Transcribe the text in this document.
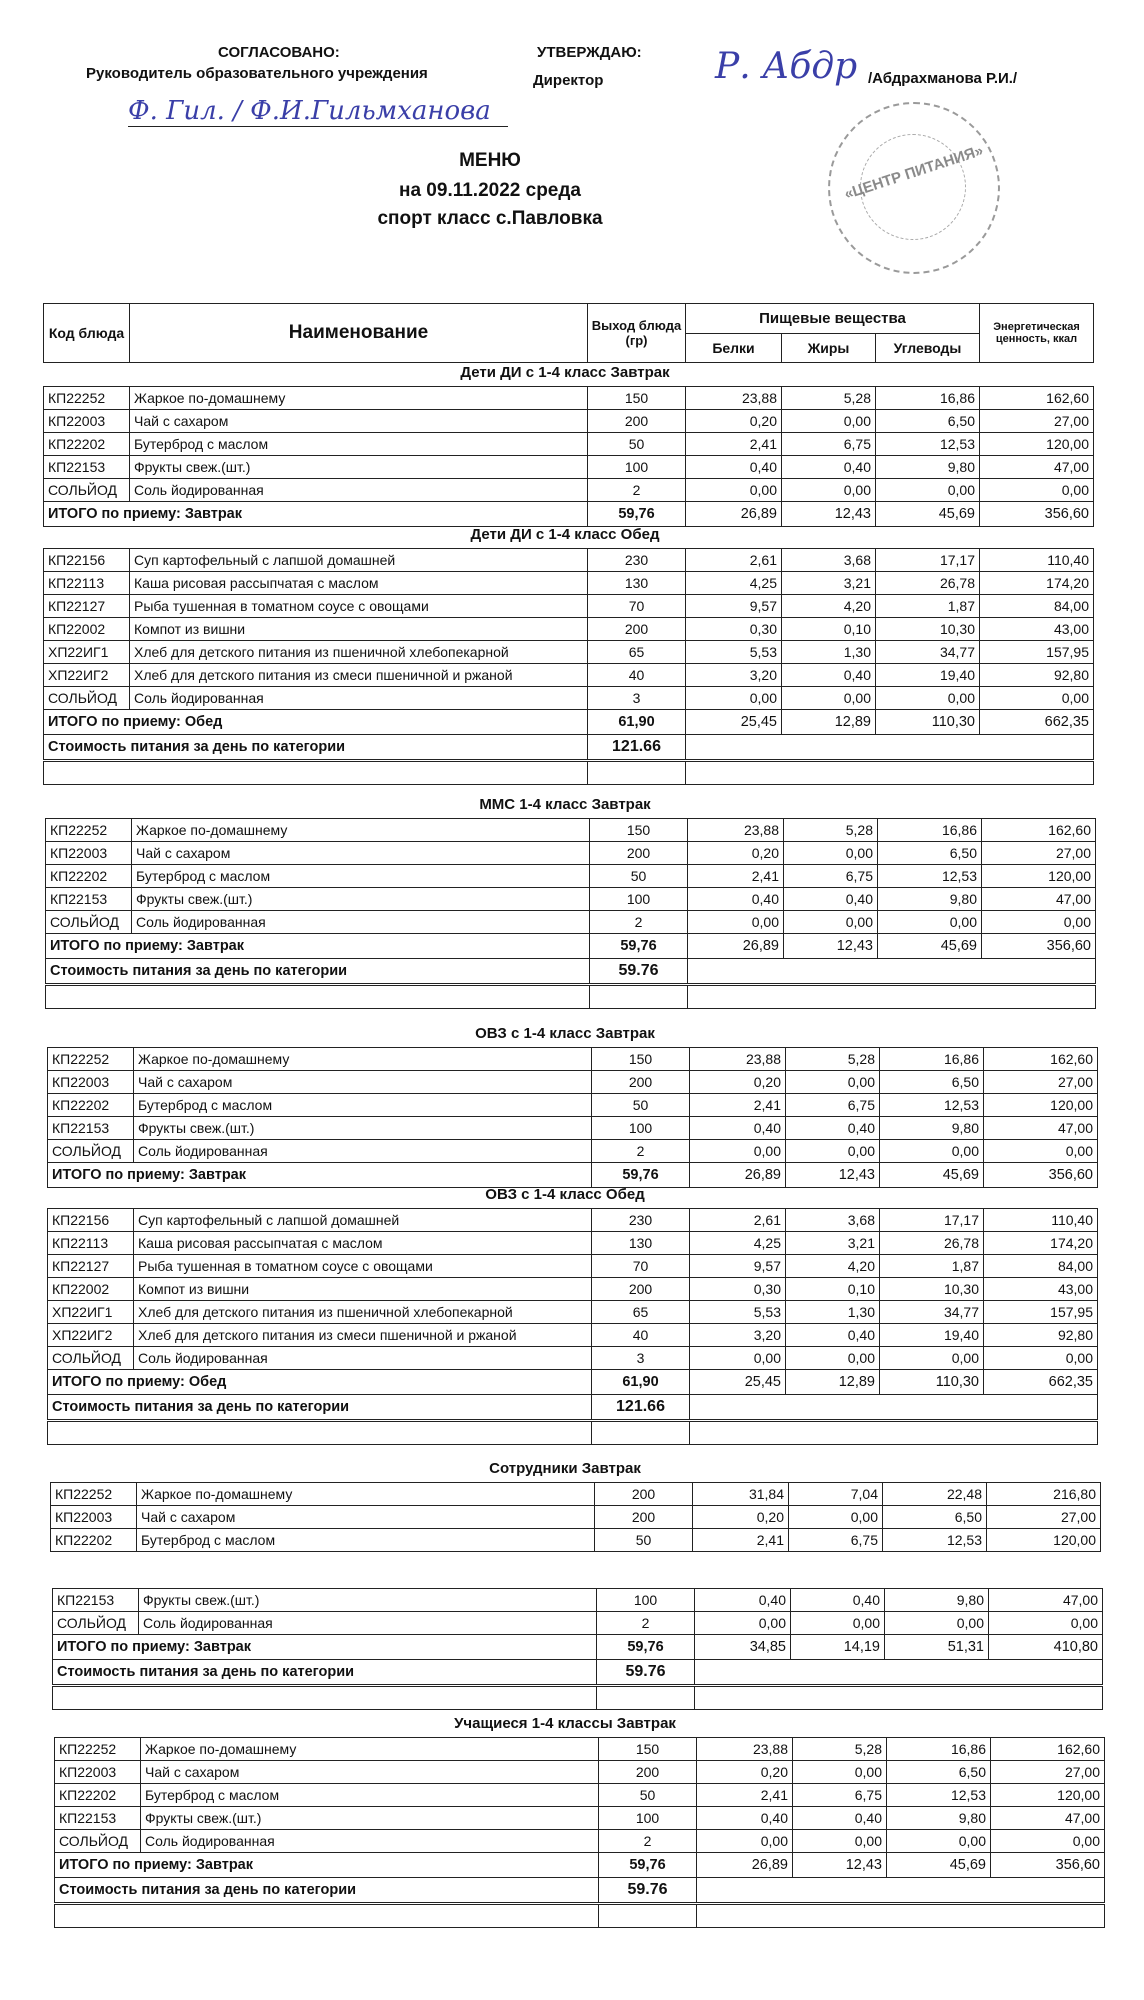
СОГЛАСОВАНО:
Руководитель образовательного учреждения
Ф. Гил. / Ф.И.Гильмханова
УТВЕРЖДАЮ:
Директор	Р. Абдр /Абдрахманова Р.И./
«ЦЕНТР ПИТАНИЯ»
МЕНЮ
на 09.11.2022 среда
спорт класс с.Павловка
Код блюда	Наименование	Выход блюда (гр)	Пищевые вещества			Энергетическая ценность, ккал
			Белки	Жиры	Углеводы	
Дети ДИ с 1-4 класс Завтрак
КП22252	Жаркое по-домашнему	150	23,88	5,28	16,86	162,60
КП22003	Чай с сахаром	200	0,20	0,00	6,50	27,00
КП22202	Бутерброд с маслом	50	2,41	6,75	12,53	120,00
КП22153	Фрукты свеж.(шт.)	100	0,40	0,40	9,80	47,00
СОЛЬЙОД	Соль йодированная	2	0,00	0,00	0,00	0,00
ИТОГО по приему: Завтрак		59,76	26,89	12,43	45,69	356,60
Дети ДИ с 1-4 класс Обед
КП22156	Суп картофельный с лапшой домашней	230	2,61	3,68	17,17	110,40
КП22113	Каша рисовая рассыпчатая с маслом	130	4,25	3,21	26,78	174,20
КП22127	Рыба тушенная в томатном соусе с овощами	70	9,57	4,20	1,87	84,00
КП22002	Компот из вишни	200	0,30	0,10	10,30	43,00
ХП22ИГ1	Хлеб для детского питания из пшеничной хлебопекарной	65	5,53	1,30	34,77	157,95
ХП22ИГ2	Хлеб для детского питания из смеси пшеничной и ржаной	40	3,20	0,40	19,40	92,80
СОЛЬЙОД	Соль йодированная	3	0,00	0,00	0,00	0,00
ИТОГО по приему: Обед		61,90	25,45	12,89	110,30	662,35
Стоимость питания за день по категории		121.66				

ММС 1-4 класс Завтрак
КП22252	Жаркое по-домашнему	150	23,88	5,28	16,86	162,60
КП22003	Чай с сахаром	200	0,20	0,00	6,50	27,00
КП22202	Бутерброд с маслом	50	2,41	6,75	12,53	120,00
КП22153	Фрукты свеж.(шт.)	100	0,40	0,40	9,80	47,00
СОЛЬЙОД	Соль йодированная	2	0,00	0,00	0,00	0,00
ИТОГО по приему: Завтрак		59,76	26,89	12,43	45,69	356,60
Стоимость питания за день по категории		59.76				

ОВЗ с 1-4 класс Завтрак
КП22252	Жаркое по-домашнему	150	23,88	5,28	16,86	162,60
КП22003	Чай с сахаром	200	0,20	0,00	6,50	27,00
КП22202	Бутерброд с маслом	50	2,41	6,75	12,53	120,00
КП22153	Фрукты свеж.(шт.)	100	0,40	0,40	9,80	47,00
СОЛЬЙОД	Соль йодированная	2	0,00	0,00	0,00	0,00
ИТОГО по приему: Завтрак		59,76	26,89	12,43	45,69	356,60
ОВЗ с 1-4 класс Обед
КП22156	Суп картофельный с лапшой домашней	230	2,61	3,68	17,17	110,40
КП22113	Каша рисовая рассыпчатая с маслом	130	4,25	3,21	26,78	174,20
КП22127	Рыба тушенная в томатном соусе с овощами	70	9,57	4,20	1,87	84,00
КП22002	Компот из вишни	200	0,30	0,10	10,30	43,00
ХП22ИГ1	Хлеб для детского питания из пшеничной хлебопекарной	65	5,53	1,30	34,77	157,95
ХП22ИГ2	Хлеб для детского питания из смеси пшеничной и ржаной	40	3,20	0,40	19,40	92,80
СОЛЬЙОД	Соль йодированная	3	0,00	0,00	0,00	0,00
ИТОГО по приему: Обед		61,90	25,45	12,89	110,30	662,35
Стоимость питания за день по категории		121.66				

Сотрудники Завтрак
КП22252	Жаркое по-домашнему	200	31,84	7,04	22,48	216,80
КП22003	Чай с сахаром	200	0,20	0,00	6,50	27,00
КП22202	Бутерброд с маслом	50	2,41	6,75	12,53	120,00
КП22153	Фрукты свеж.(шт.)	100	0,40	0,40	9,80	47,00
СОЛЬЙОД	Соль йодированная	2	0,00	0,00	0,00	0,00
ИТОГО по приему: Завтрак		59,76	34,85	14,19	51,31	410,80
Стоимость питания за день по категории		59.76				

Учащиеся 1-4 классы Завтрак
КП22252	Жаркое по-домашнему	150	23,88	5,28	16,86	162,60
КП22003	Чай с сахаром	200	0,20	0,00	6,50	27,00
КП22202	Бутерброд с маслом	50	2,41	6,75	12,53	120,00
КП22153	Фрукты свеж.(шт.)	100	0,40	0,40	9,80	47,00
СОЛЬЙОД	Соль йодированная	2	0,00	0,00	0,00	0,00
ИТОГО по приему: Завтрак		59,76	26,89	12,43	45,69	356,60
Стоимость питания за день по категории		59.76				
